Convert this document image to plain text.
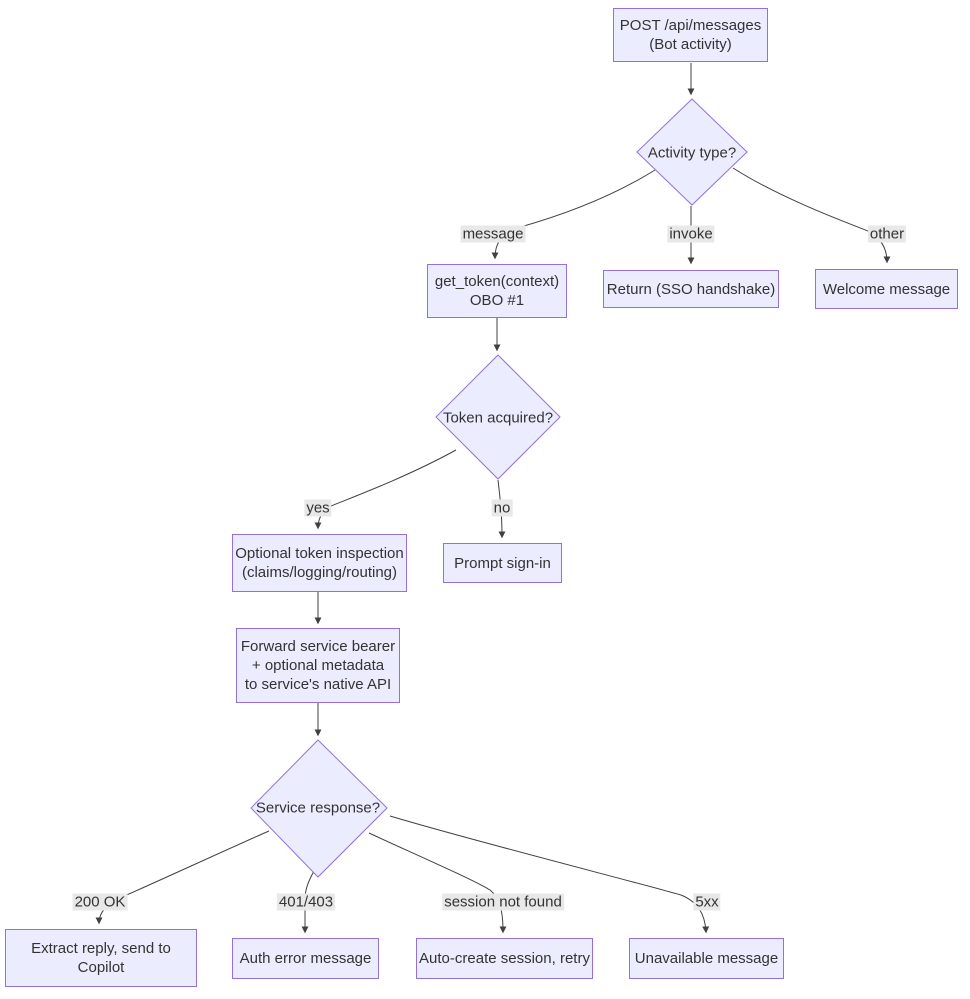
POST /api/messages
(Bot activity)
get_token(context)
OBO #1
Return (SSO handshake)	Welcome message
Optional token inspection
(claims/logging/routing)
Prompt sign-in
Forward service bearer
+ optional metadata
to service's native API
Extract reply, send to
Copilot
Auth error message	Auto-create session, retry	Unavailable message
Activity type?
Token acquired?
Service response?
message	invoke	other
yes	no
200 OK	401/403	session not found	5xx
